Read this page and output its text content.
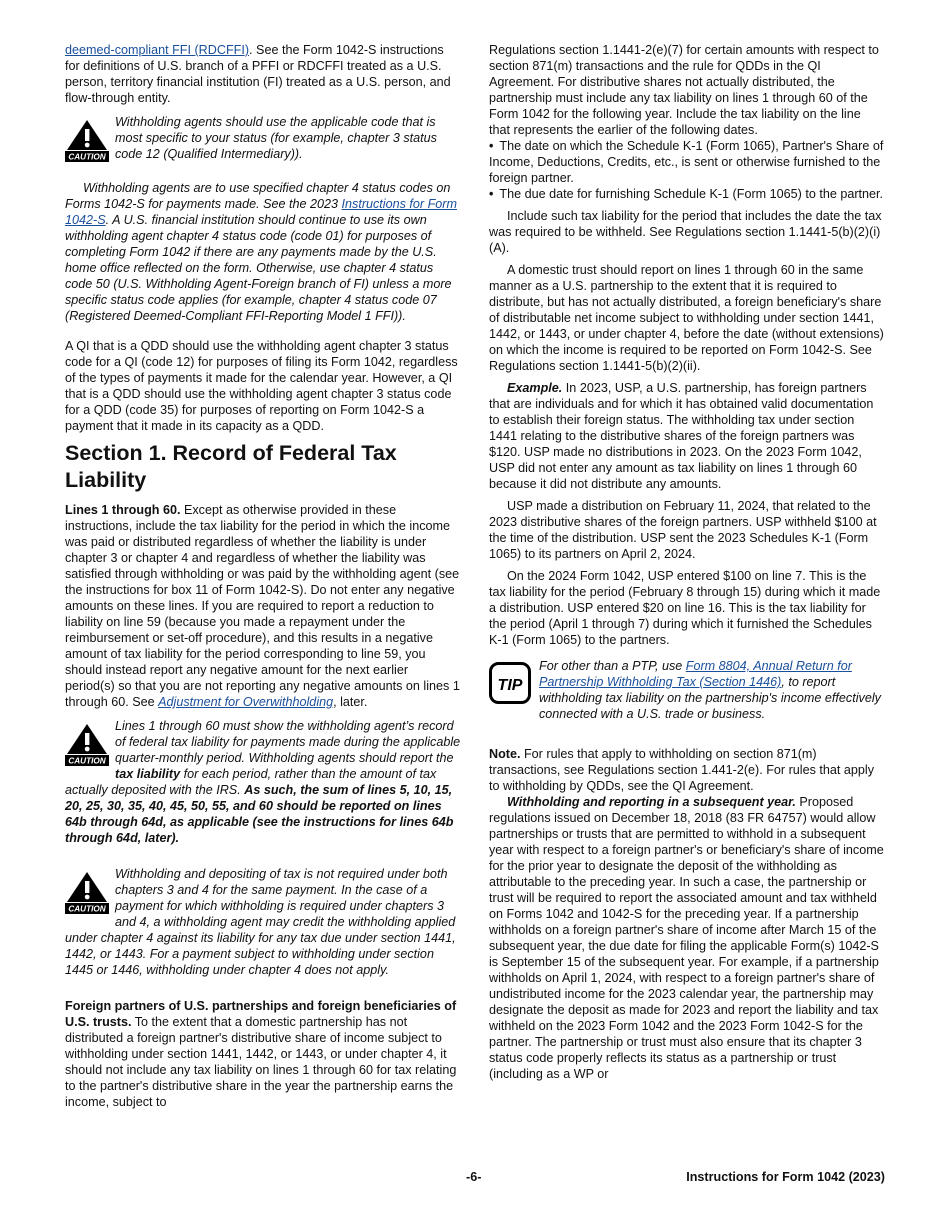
deemed-compliant FFI (RDCFFI). See the Form 1042-S instructions for definitions of U.S. branch of a PFFI or RDCFFI treated as a U.S. person, territory financial institution (FI) treated as a U.S. person, and flow-through entity.

CAUTION
Withholding agents should use the applicable code that is most specific to your status (for example, chapter 3 status code 12 (Qualified Intermediary)).

Withholding agents are to use specified chapter 4 status codes on Forms 1042-S for payments made. See the 2023 Instructions for Form 1042-S. A U.S. financial institution should continue to use its own withholding agent chapter 4 status code (code 01) for purposes of completing Form 1042 if there are any payments made by the U.S. home office reflected on the form. Otherwise, use chapter 4 status code 50 (U.S. Withholding Agent-Foreign branch of FI) unless a more specific status code applies (for example, chapter 4 status code 07 (Registered Deemed-Compliant FFI-Reporting Model 1 FFI)).

A QI that is a QDD should use the withholding agent chapter 3 status code for a QI (code 12) for purposes of filing its Form 1042, regardless of the types of payments it made for the calendar year. However, a QI that is a QDD should use the withholding agent chapter 3 status code for a QDD (code 35) for purposes of reporting on Form 1042-S a payment that it made in its capacity as a QDD.

Section 1. Record of Federal Tax Liability

Lines 1 through 60. Except as otherwise provided in these instructions, include the tax liability for the period in which the income was paid or distributed regardless of whether the liability is under chapter 3 or chapter 4 and regardless of whether the liability was satisfied through withholding or was paid by the withholding agent (see the instructions for box 11 of Form 1042-S). Do not enter any negative amounts on these lines. If you are required to report a reduction to liability on line 59 (because you made a repayment under the reimbursement or set-off procedure), and this results in a negative amount of tax liability for the period corresponding to line 59, you should instead report any negative amount for the next earlier period(s) so that you are not reporting any negative amounts on lines 1 through 60. See Adjustment for Overwithholding, later.

CAUTION
Lines 1 through 60 must show the withholding agent’s record of federal tax liability for payments made during the applicable quarter-monthly period. Withholding agents should report the tax liability for each period, rather than the amount of tax actually deposited with the IRS. As such, the sum of lines 5, 10, 15, 20, 25, 30, 35, 40, 45, 50, 55, and 60 should be reported on lines 64b through 64d, as applicable (see the instructions for lines 64b through 64d, later).
CAUTION
Withholding and depositing of tax is not required under both chapters 3 and 4 for the same payment. In the case of a payment for which withholding is required under chapters 3 and 4, a withholding agent may credit the withholding applied under chapter 4 against its liability for any tax due under section 1441, 1442, or 1443. For a payment subject to withholding under section 1445 or 1446, withholding under chapter 4 does not apply.

Foreign partners of U.S. partnerships and foreign beneficiaries of U.S. trusts. To the extent that a domestic partnership has not distributed a foreign partner's distributive share of income subject to withholding under section 1441, 1442, or 1443, or under chapter 4, it should not include any tax liability on lines 1 through 60 for tax relating to the partner's distributive share in the year the partnership earns the income, subject to

Regulations section 1.1441-2(e)(7) for certain amounts with respect to section 871(m) transactions and the rule for QDDs in the QI Agreement. For distributive shares not actually distributed, the partnership must include any tax liability on lines 1 through 60 of the Form 1042 for the following year. Include the tax liability on the line that represents the earlier of the following dates.

• The date on which the Schedule K-1 (Form 1065), Partner's Share of Income, Deductions, Credits, etc., is sent or otherwise furnished to the foreign partner.

• The due date for furnishing Schedule K-1 (Form 1065) to the partner.

Include such tax liability for the period that includes the date the tax was required to be withheld. See Regulations section 1.1441-5(b)(2)(i)(A).

A domestic trust should report on lines 1 through 60 in the same manner as a U.S. partnership to the extent that it is required to distribute, but has not actually distributed, a foreign beneficiary's share of distributable net income subject to withholding under section 1441, 1442, or 1443, or under chapter 4, before the date (without extensions) on which the income is required to be reported on Form 1042-S. See Regulations section 1.1441-5(b)(2)(ii).

Example. In 2023, USP, a U.S. partnership, has foreign partners that are individuals and for which it has obtained valid documentation to establish their foreign status. The withholding tax under section 1441 relating to the distributive shares of the foreign partners was $120. USP made no distributions in 2023. On the 2023 Form 1042, USP did not enter any amount as tax liability on lines 1 through 60 because it did not distribute any amounts.

USP made a distribution on February 11, 2024, that related to the 2023 distributive shares of the foreign partners. USP withheld $100 at the time of the distribution. USP sent the 2023 Schedules K-1 (Form 1065) to its partners on April 2, 2024.

On the 2024 Form 1042, USP entered $100 on line 7. This is the tax liability for the period (February 8 through 15) during which it made a distribution. USP entered $20 on line 16. This is the tax liability for the period (April 1 through 7) during which it furnished the Schedules K-1 (Form 1065) to the partners.

TIP
For other than a PTP, use Form 8804, Annual Return for Partnership Withholding Tax (Section 1446), to report withholding tax liability on the partnership's income effectively connected with a U.S. trade or business.

Note. For rules that apply to withholding on section 871(m) transactions, see Regulations section 1.441-2(e). For rules that apply to withholding by QDDs, see the QI Agreement.

Withholding and reporting in a subsequent year. Proposed regulations issued on December 18, 2018 (83 FR 64757) would allow partnerships or trusts that are permitted to withhold in a subsequent year with respect to a foreign partner's or beneficiary's share of income for the prior year to designate the deposit of the withholding as attributable to the preceding year. In such a case, the partnership or trust will be required to report the associated amount and tax withheld on Forms 1042 and 1042-S for the preceding year. If a partnership withholds on a foreign partner's share of income after March 15 of the subsequent year, the due date for filing the applicable Form(s) 1042-S is September 15 of the subsequent year. For example, if a partnership withholds on April 1, 2024, with respect to a foreign partner's share of undistributed income for the 2023 calendar year, the partnership may designate the deposit as made for 2023 and report the liability and tax withheld on the 2023 Form 1042 and the 2023 Form 1042-S for the partner. The partnership or trust must also ensure that its chapter 3 status code properly reflects its status as a partnership or trust (including as a WP or

-6-	Instructions for Form 1042 (2023)
